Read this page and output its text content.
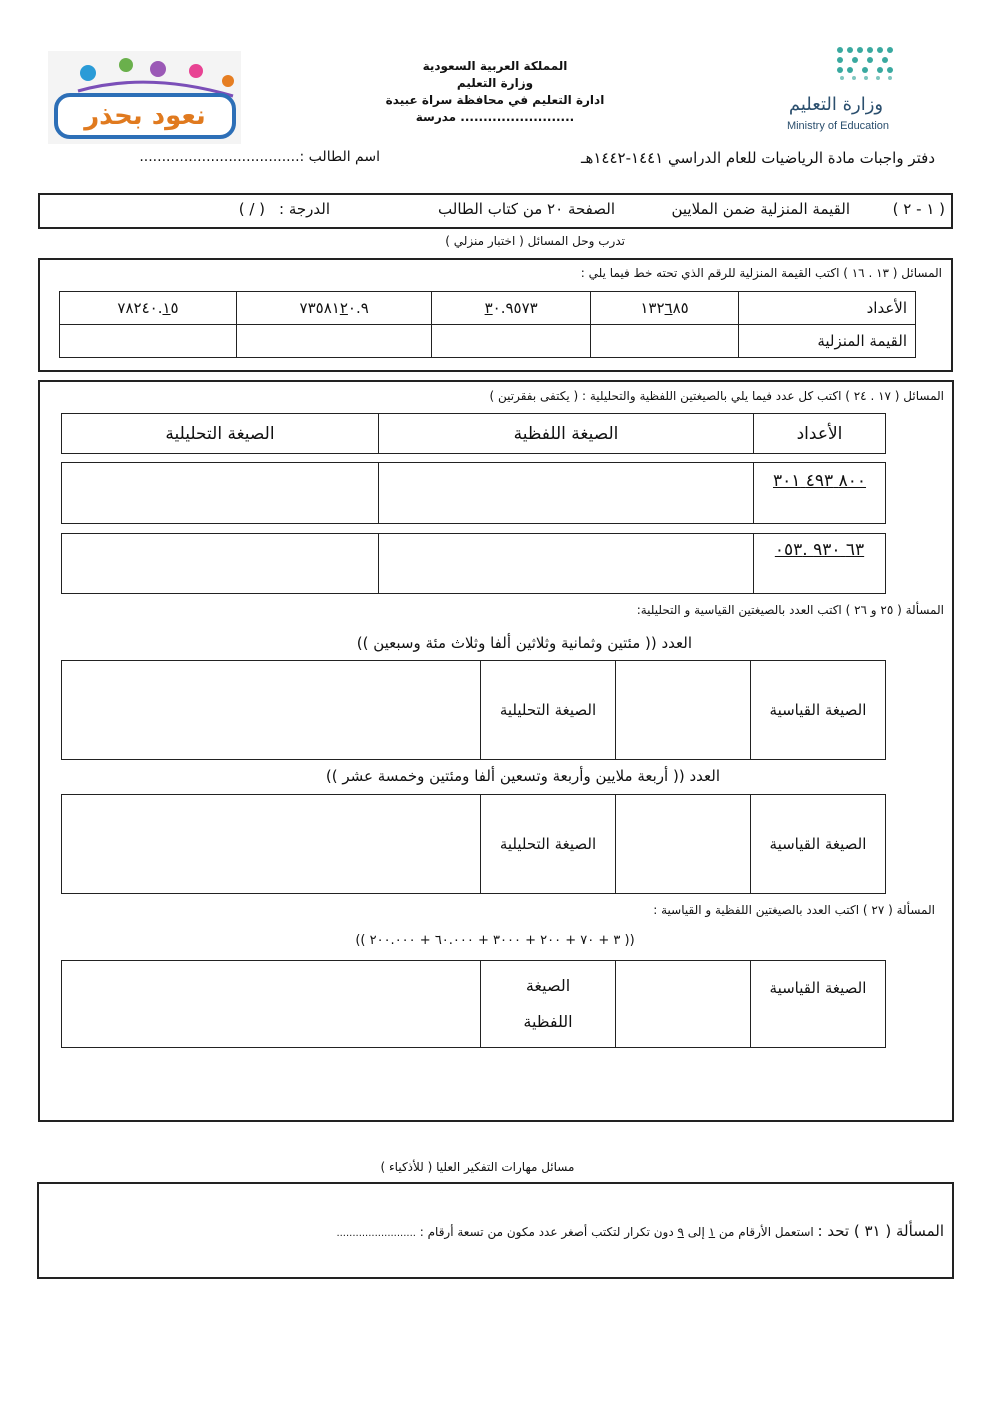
نعود بحذر
المملكة العربية السعودية
وزارة التعليم
ادارة التعليم في محافظة سراة عبيدة
مدرسة .........................
وزارة التعليم
Ministry of Education
دفتر واجبات مادة الرياضيات للعام الدراسي ١٤٤١-١٤٤٢هـ
اسم الطالب :....................................
( ١ - ٢ )
القيمة المنزلية ضمن الملايين
الصفحة ٢٠ من كتاب الطالب
الدرجة :
( / )
تدرب وحل المسائل ( اختبار منزلي )
المسائل ( ١٣ . ١٦ ) اكتب القيمة المنزلية للرقم الذي تحته خط فيما يلي :
الأعداد	١٣٢٦٨٥	٣٠.٩٥٧٣	٧٣٥٨١٢٠.٩	٧٨٢٤٠.١٥
القيمة المنزلية				
المسائل ( ١٧ . ٢٤ ) اكتب كل عدد فيما يلي بالصيغتين اللفظية والتحليلية : ( يكتفى بفقرتين )
الأعداد	الصيغة اللفظية	الصيغة التحليلية
٨٠٠ ٤٩٣ ٣٠١		
٦٣ ٩٣٠ .٠٥٣		
المسألة ( ٢٥ و ٢٦ ) اكتب العدد بالصيغتين القياسية و التحليلية:
العدد (( مئتين وثمانية وثلاثين ألفا وثلاث مئة وسبعين ))
الصيغة القياسية		الصيغة التحليلية	
العدد (( أربعة ملايين وأربعة وتسعين ألفا ومئتين وخمسة عشر ))
الصيغة القياسية		الصيغة التحليلية	
المسألة ( ٢٧ ) اكتب العدد بالصيغتين اللفظية و القياسية :
(( ٣ + ٧٠ + ٢٠٠ + ٣٠٠٠ + ٦٠.٠٠٠ + ٢٠٠.٠٠٠ ))
الصيغة القياسية		
الصيغة
اللفظية

مسائل مهارات التفكير العليا ( للأذكياء )
المسألة ( ٣١ ) تحد : استعمل الأرقام من ١ إلى ٩ دون تكرار لتكتب أصغر عدد مكون من تسعة أرقام : .........................
